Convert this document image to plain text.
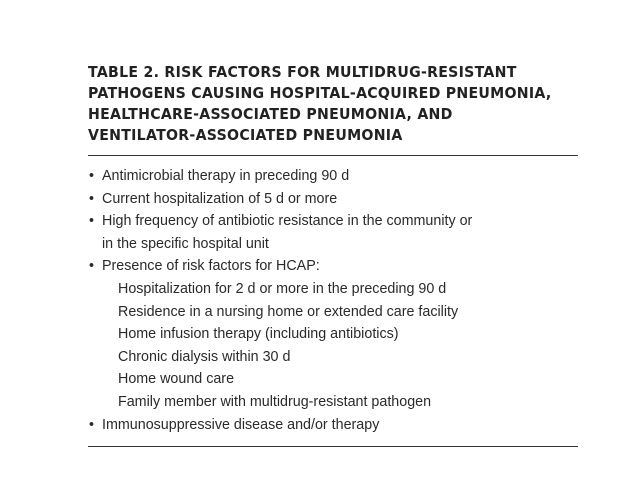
TABLE 2. RISK FACTORS FOR MULTIDRUG-RESISTANT
PATHOGENS CAUSING HOSPITAL-ACQUIRED PNEUMONIA,
HEALTHCARE-ASSOCIATED PNEUMONIA, AND
VENTILATOR-ASSOCIATED PNEUMONIA
• Antimicrobial therapy in preceding 90 d
• Current hospitalization of 5 d or more
• High frequency of antibiotic resistance in the community or
in the specific hospital unit
• Presence of risk factors for HCAP:
Hospitalization for 2 d or more in the preceding 90 d
Residence in a nursing home or extended care facility
Home infusion therapy (including antibiotics)
Chronic dialysis within 30 d
Home wound care
Family member with multidrug-resistant pathogen
• Immunosuppressive disease and/or therapy
